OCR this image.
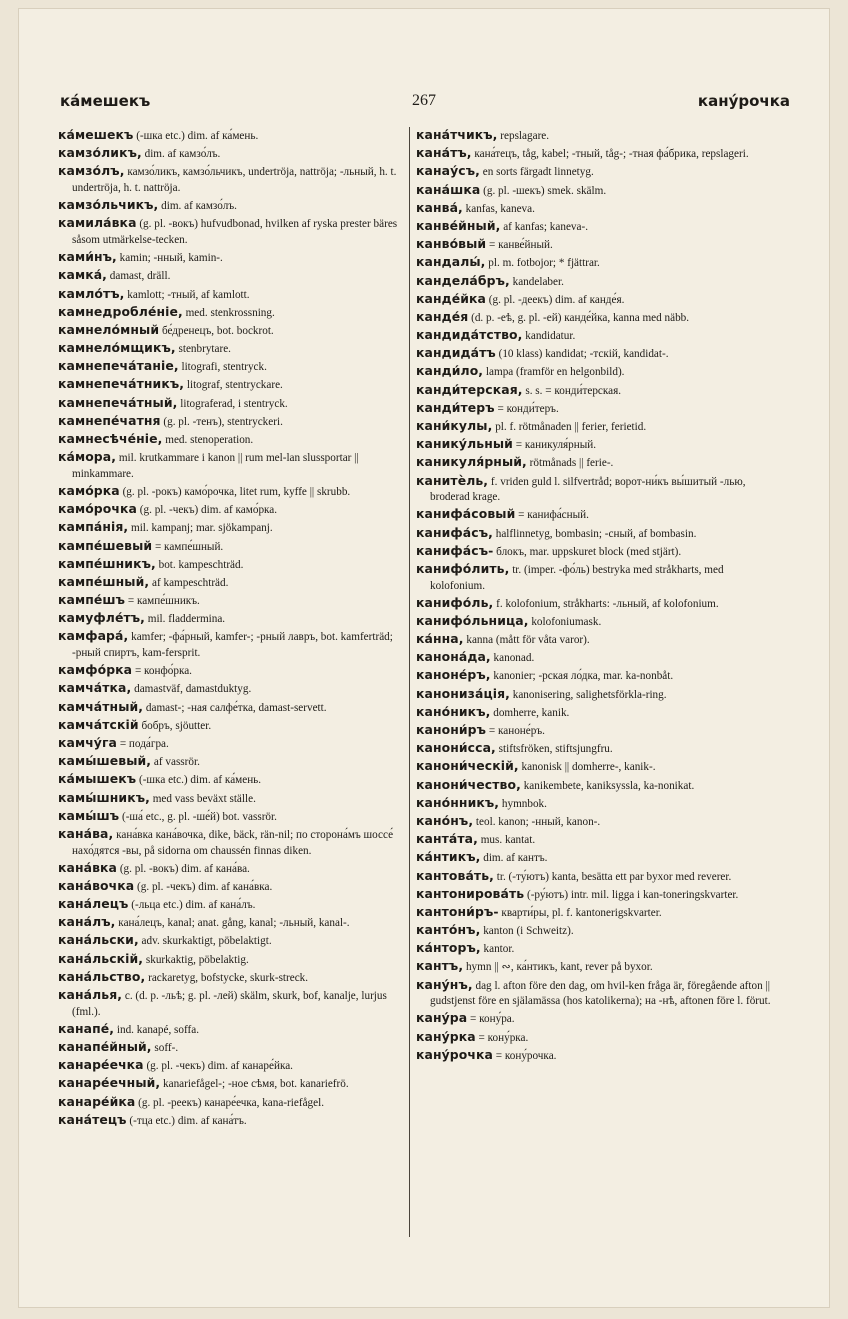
ка́мешекъ	267	кану́рочка
ка́мешекъ (-шка etc.) dim. af ка́мень.
камзо́ликъ, dim. af камзо́лъ.
камзо́лъ, камзо́ликъ, камзо́льчикъ, undertröja, nattröja; -льный, h. t. undertröja, h. t. nattröja.
камзо́льчикъ, dim. af камзо́лъ.
камила́вка (g. pl. -вокъ) hufvudbonad, hvilken af ryska prester bäres såsom utmärkelse-tecken.
ками́нъ, kamin; -нный, kamin-.
камка́, damast, dräll.
камло́тъ, kamlott; -тный, af kamlott.
камнедробле́ніе, med. stenkrossning.
камнело́мный бе́дренецъ, bot. bockrot.
камнело́мщикъ, stenbrytare.
камнепеча́таніе, litografi, stentryck.
камнепеча́тникъ, litograf, stentryckare.
камнепеча́тный, litograferad, i stentryck.
камнепе́чатня (g. pl. -тенъ), stentryckeri.
камнесѣче́ніе, med. stenoperation.
ка́мора, mil. krutkammare i kanon || rum mel-lan slussportar || minkammare.
камо́рка (g. pl. -рокъ) камо́рочка, litet rum, kyffe || skrubb.
камо́рочка (g. pl. -чекъ) dim. af камо́рка.
кампа́нія, mil. kampanj; mar. sjökampanj.
кампе́шевый = кампе́шный.
кампе́шникъ, bot. kampeschträd.
кампе́шный, af kampeschträd.
кампе́шъ = кампе́шникъ.
камуфле́тъ, mil. fladdermina.
камфара́, kamfer; -фа́рный, kamfer-; -рный лавръ, bot. kamferträd; -рный спиртъ, kam-fersprit.
камфо́рка = конфо́рка.
камча́тка, damastväf, damastduktyg.
камча́тный, damast-; -ная салфе́тка, damast-servett.
камча́тскій бобръ, sjöutter.
камчу́га = пода́гра.
камы́шевый, af vassrör.
ка́мышекъ (-шка etc.) dim. af ка́мень.
камы́шникъ, med vass beväxt ställe.
камы́шъ (-ша́ etc., g. pl. -ше́й) bot. vassrör.
кана́ва, кана́вка кана́вочка, dike, bäck, rän-nil; по сторона́мъ шоссе́ нахо́дятся -вы, på sidorna om chaussén finnas diken.
кана́вка (g. pl. -вокъ) dim. af кана́ва.
кана́вочка (g. pl. -чекъ) dim. af кана́вка.
кана́лецъ (-льца etc.) dim. af кана́лъ.
кана́лъ, кана́лецъ, kanal; anat. gång, kanal; -льный, kanal-.
кана́льски, adv. skurkaktigt, pöbelaktigt.
кана́льскій, skurkaktig, pöbelaktig.
кана́льство, rackaretyg, bofstycke, skurk-streck.
кана́лья, c. (d. p. -льѣ; g. pl. -лей) skälm, skurk, bof, kanalje, lurjus (fml.).
канапе́, ind. kanapé, soffa.
канапе́йный, soff-.
канаре́ечка (g. pl. -чекъ) dim. af канаре́йка.
канаре́ечный, kanariefågel-; -ное сѣмя, bot. kanariefrö.
канаре́йка (g. pl. -реекъ) канаре́ечка, kana-riefågel.
кана́тецъ (-тца etc.) dim. af кана́тъ.
кана́тчикъ, repslagare.
кана́тъ, кана́тецъ, tåg, kabel; -тный, tåg-; -тная фа́брика, repslageri.
канау́съ, en sorts färgadt linnetyg.
кана́шка (g. pl. -шекъ) smek. skälm.
канва́, kanfas, kaneva.
канве́йный, af kanfas; kaneva-.
канво́вый = канве́йный.
кандалы́, pl. m. fotbojor; * fjättrar.
кандела́бръ, kandelaber.
канде́йка (g. pl. -деекъ) dim. af канде́я.
канде́я (d. p. -еѣ, g. pl. -ей) канде́йка, kanna med näbb.
кандида́тство, kandidatur.
кандида́тъ (10 klass) kandidat; -тскій, kandidat-.
канди́ло, lampa (framför en helgonbild).
канди́терская, s. s. = конди́терская.
канди́теръ = конди́теръ.
кани́кулы, pl. f. rötmånaden || ferier, ferietid.
канику́льный = каникуля́рный.
каникуля́рный, rötmånads || ferie-.
канитѐль, f. vriden guld l. silfvertråd; ворот-ни́къ вы́шитый -лью, broderad krage.
канифа́совый = канифа́сный.
канифа́съ, halflinnetyg, bombasin; -сный, af bombasin.
канифа́съ- блокъ, mar. uppskuret block (med stjärt).
канифо́лить, tr. (imper. -фо́ль) bestryka med stråkharts, med kolofonium.
канифо́ль, f. kolofonium, stråkharts: -льный, af kolofonium.
канифо́льница, kolofoniumask.
ка́нна, kanna (mått för våta varor).
канона́да, kanonad.
каноне́ръ, kanonier; -рская ло́дка, mar. ka-nonbåt.
канониза́ція, kanonisering, salighetsförkla-ring.
кано́никъ, domherre, kanik.
канони́ръ = каноне́ръ.
канони́сса, stiftsfröken, stiftsjungfru.
канони́ческій, kanonisk || domherre-, kanik-.
канони́чество, kanikembete, kaniksyssla, ka-nonikat.
кано́нникъ, hymnbok.
кано́нъ, teol. kanon; -нный, kanon-.
канта́та, mus. kantat.
ка́нтикъ, dim. af кантъ.
кантова́ть, tr. (-ту́ютъ) kanta, besätta ett par byxor med reverer.
кантонирова́ть (-ру́ютъ) intr. mil. ligga i kan-toneringskvarter.
кантони́ръ- кварти́ры, pl. f. kantonerigskvarter.
канто́нъ, kanton (i Schweitz).
ка́нторъ, kantor.
кантъ, hymn || ∾, ка́нтикъ, kant, rever på byxor.
кану́нъ, dag l. afton före den dag, om hvil-ken fråga är, föregående afton || gudstjenst före en själamässa (hos katolikerna); на -нѣ, aftonen före l. förut.
кану́ра = кону́ра.
кану́рка = кону́рка.
кану́рочка = кону́рочка.
